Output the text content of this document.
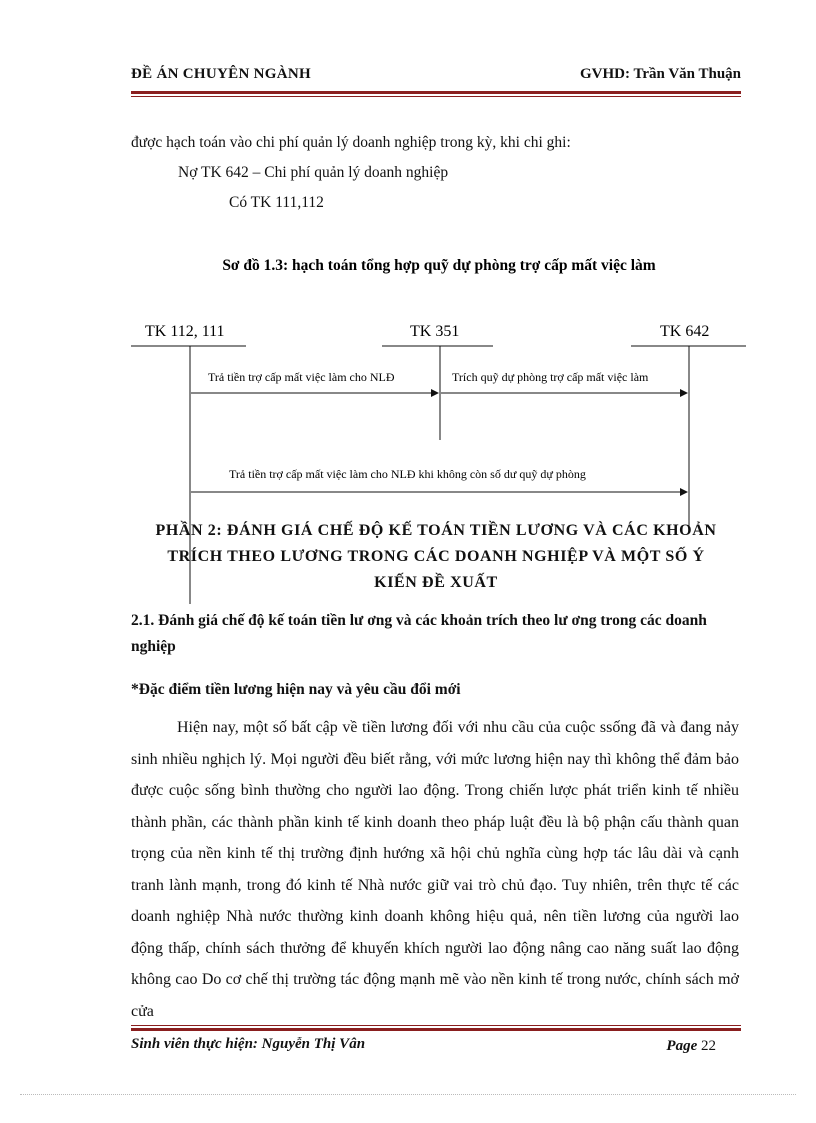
ĐỀ ÁN CHUYÊN NGÀNH	GVHD: Trần Văn Thuận
được hạch toán vào chi phí quản lý doanh nghiệp trong kỳ, khi chi ghi:
Nợ TK 642 – Chi phí quản lý doanh nghiệp
Có TK 111,112
Sơ đồ 1.3: hạch toán tổng hợp quỹ dự phòng trợ cấp mất việc làm
TK 112, 111	TK 351	TK 642
Trả tiền trợ cấp mất việc làm cho NLĐ	Trích quỹ dự phòng trợ cấp mất việc làm
Trả tiền trợ cấp mất việc làm cho NLĐ khi không còn số dư quỹ dự phòng
PHẦN 2: ĐÁNH GIÁ CHẾ ĐỘ KẾ TOÁN TIỀN LƯƠNG VÀ CÁC KHOẢN
TRÍCH THEO LƯƠNG TRONG CÁC DOANH NGHIỆP VÀ MỘT SỐ Ý
KIẾN ĐỀ XUẤT
2.1. Đánh giá chế độ kế toán tiền lư ơng và các khoản trích theo lư ơng trong các doanh nghiệp
*Đặc điểm tiền lương hiện nay và yêu cầu đổi mới

Hiện nay, một số bất cập về tiền lương đối với nhu cầu của cuộc ssống đã và đang nảy sinh nhiều nghịch lý. Mọi người đều biết rằng, với mức lương hiện nay thì không thể đảm bảo được cuộc sống bình thường cho người lao động. Trong chiến lược phát triển kinh tế nhiều thành phần, các thành phần kinh tế kinh doanh theo pháp luật đều là bộ phận cấu thành quan trọng của nền kinh tế thị trường định hướng xã hội chủ nghĩa cùng hợp tác lâu dài và cạnh tranh lành mạnh, trong đó kinh tế Nhà nước giữ vai trò chủ đạo. Tuy nhiên, trên thực tế các doanh nghiệp Nhà nước thường kinh doanh không hiệu quả, nên tiền lương của người lao động thấp, chính sách thưởng để khuyến khích người lao động nâng cao năng suất lao động không cao Do cơ chế thị trường tác động mạnh mẽ vào nền kinh tế trong nước, chính sách mở cửa

Sinh viên thực hiện: Nguyễn Thị Vân	Page 22
